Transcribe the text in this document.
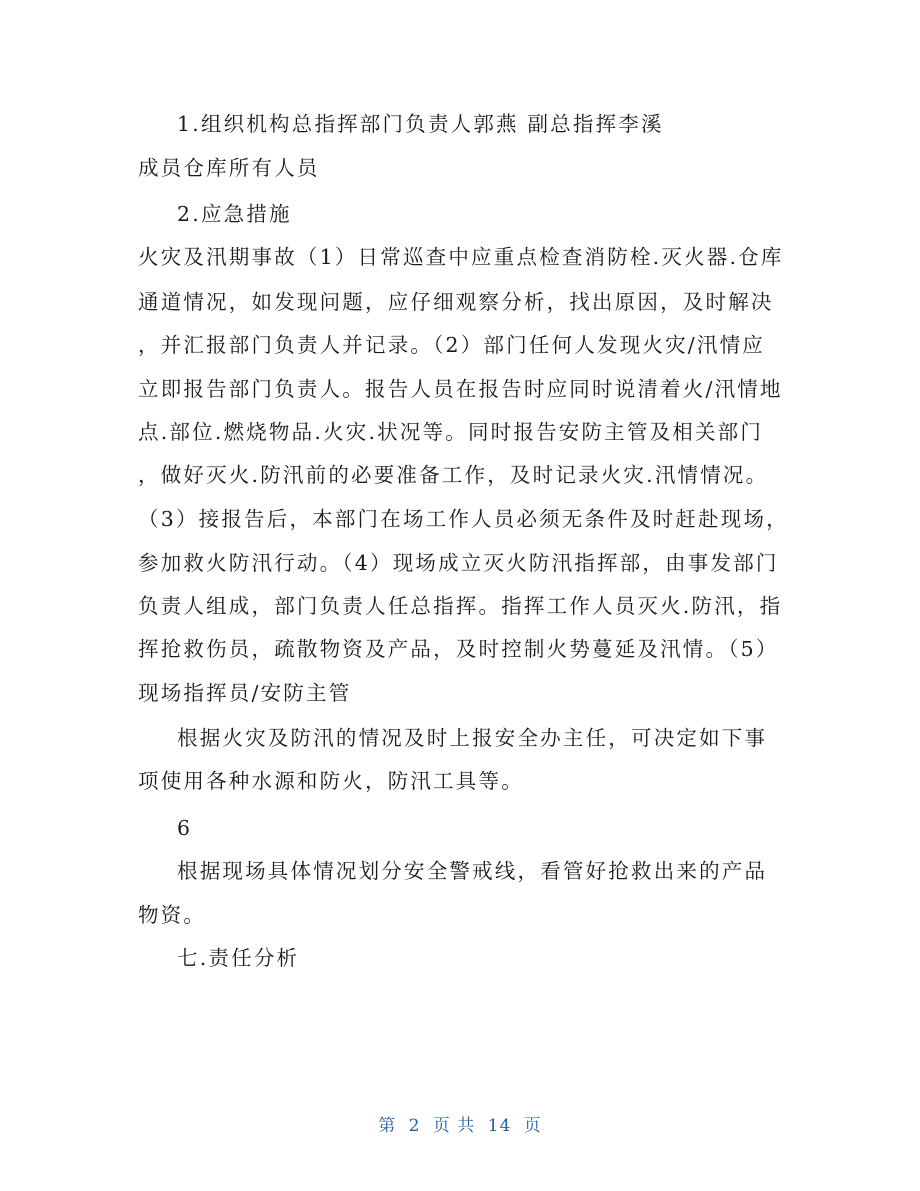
1.组织机构总指挥部门负责人郭燕 副总指挥李溪
成员仓库所有人员
2.应急措施
火灾及汛期事故（1）日常巡查中应重点检查消防栓.灭火器.仓库
通道情况，如发现问题，应仔细观察分析，找出原因，及时解决
，并汇报部门负责人并记录。（2）部门任何人发现火灾/汛情应
立即报告部门负责人。报告人员在报告时应同时说清着火/汛情地
点.部位.燃烧物品.火灾.状况等。同时报告安防主管及相关部门
，做好灭火.防汛前的必要准备工作，及时记录火灾.汛情情况。
（3）接报告后，本部门在场工作人员必须无条件及时赶赴现场，
参加救火防汛行动。（4）现场成立灭火防汛指挥部，由事发部门
负责人组成，部门负责人任总指挥。指挥工作人员灭火.防汛，指
挥抢救伤员，疏散物资及产品，及时控制火势蔓延及汛情。（5）
现场指挥员/安防主管
根据火灾及防汛的情况及时上报安全办主任，可决定如下事
项使用各种水源和防火，防汛工具等。
6
根据现场具体情况划分安全警戒线，看管好抢救出来的产品
物资。
七.责任分析
第 2 页 共 14 页
